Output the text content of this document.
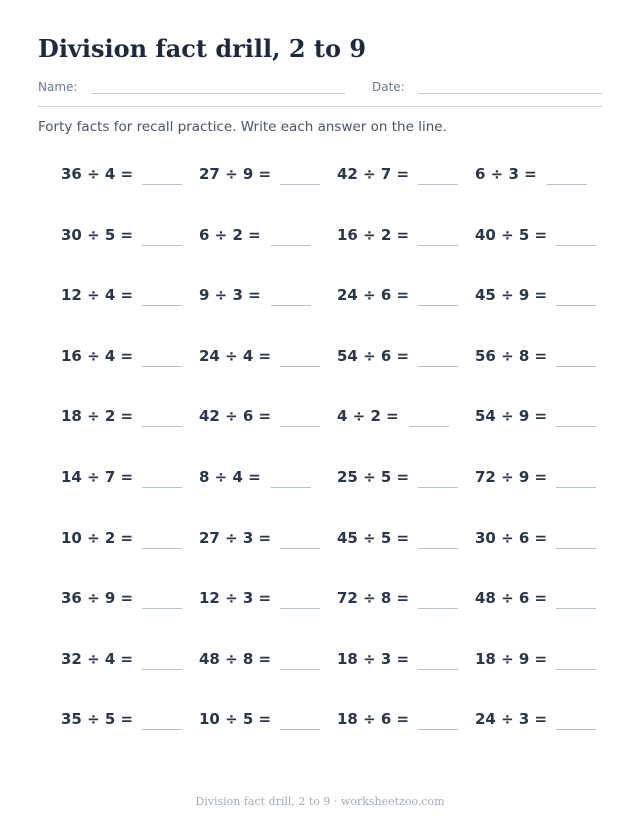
Division fact drill, 2 to 9
Name:	Date:
Forty facts for recall practice. Write each answer on the line.
36 ÷ 4 =	27 ÷ 9 =	42 ÷ 7 =	6 ÷ 3 =
30 ÷ 5 =	6 ÷ 2 =	16 ÷ 2 =	40 ÷ 5 =
12 ÷ 4 =	9 ÷ 3 =	24 ÷ 6 =	45 ÷ 9 =
16 ÷ 4 =	24 ÷ 4 =	54 ÷ 6 =	56 ÷ 8 =
18 ÷ 2 =	42 ÷ 6 =	4 ÷ 2 =	54 ÷ 9 =
14 ÷ 7 =	8 ÷ 4 =	25 ÷ 5 =	72 ÷ 9 =
10 ÷ 2 =	27 ÷ 3 =	45 ÷ 5 =	30 ÷ 6 =
36 ÷ 9 =	12 ÷ 3 =	72 ÷ 8 =	48 ÷ 6 =
32 ÷ 4 =	48 ÷ 8 =	18 ÷ 3 =	18 ÷ 9 =
35 ÷ 5 =	10 ÷ 5 =	18 ÷ 6 =	24 ÷ 3 =
Division fact drill, 2 to 9 · worksheetzoo.com
